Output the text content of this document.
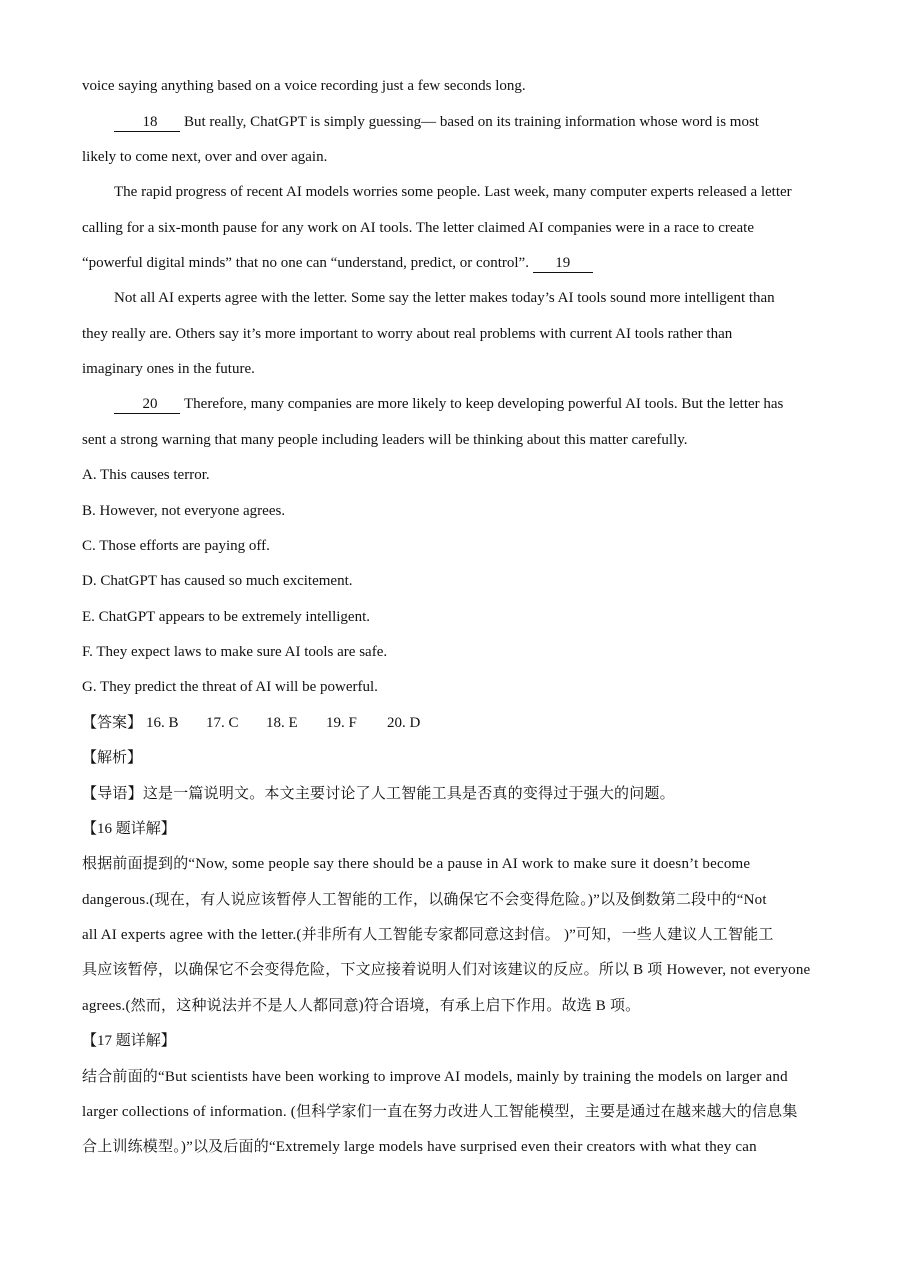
voice saying anything based on a voice recording just a few seconds long.
18 But really, ChatGPT is simply guessing— based on its training information whose word is most
likely to come next, over and over again.
The rapid progress of recent AI models worries some people. Last week, many computer experts released a letter
calling for a six-month pause for any work on AI tools. The letter claimed AI companies were in a race to create
“powerful digital minds” that no one can “understand, predict, or control”. 19
Not all AI experts agree with the letter. Some say the letter makes today’s AI tools sound more intelligent than
they really are. Others say it’s more important to worry about real problems with current AI tools rather than
imaginary ones in the future.
20 Therefore, many companies are more likely to keep developing powerful AI tools. But the letter has
sent a strong warning that many people including leaders will be thinking about this matter carefully.
A. This causes terror.
B. However, not everyone agrees.
C. Those efforts are paying off.
D. ChatGPT has caused so much excitement.
E. ChatGPT appears to be extremely intelligent.
F. They expect laws to make sure AI tools are safe.
G. They predict the threat of AI will be powerful.
【答案】 16. B 17. C 18. E 19. F 20. D
【解析】
【导语】这是一篇说明文。本文主要讨论了人工智能工具是否真的变得过于强大的问题。
【16 题详解】
根据前面提到的“Now, some people say there should be a pause in AI work to make sure it doesn’t become
dangerous.(现在，有人说应该暂停人工智能的工作，以确保它不会变得危险。)”以及倒数第二段中的“Not
all AI experts agree with the letter.(并非所有人工智能专家都同意这封信。 )”可知，一些人建议人工智能工
具应该暂停，以确保它不会变得危险，下文应接着说明人们对该建议的反应。所以 B 项 However, not everyone
agrees.(然而，这种说法并不是人人都同意)符合语境，有承上启下作用。故选 B 项。
【17 题详解】
结合前面的“But scientists have been working to improve AI models, mainly by training the models on larger and
larger collections of information. (但科学家们一直在努力改进人工智能模型，主要是通过在越来越大的信息集
合上训练模型。)”以及后面的“Extremely large models have surprised even their creators with what they can
